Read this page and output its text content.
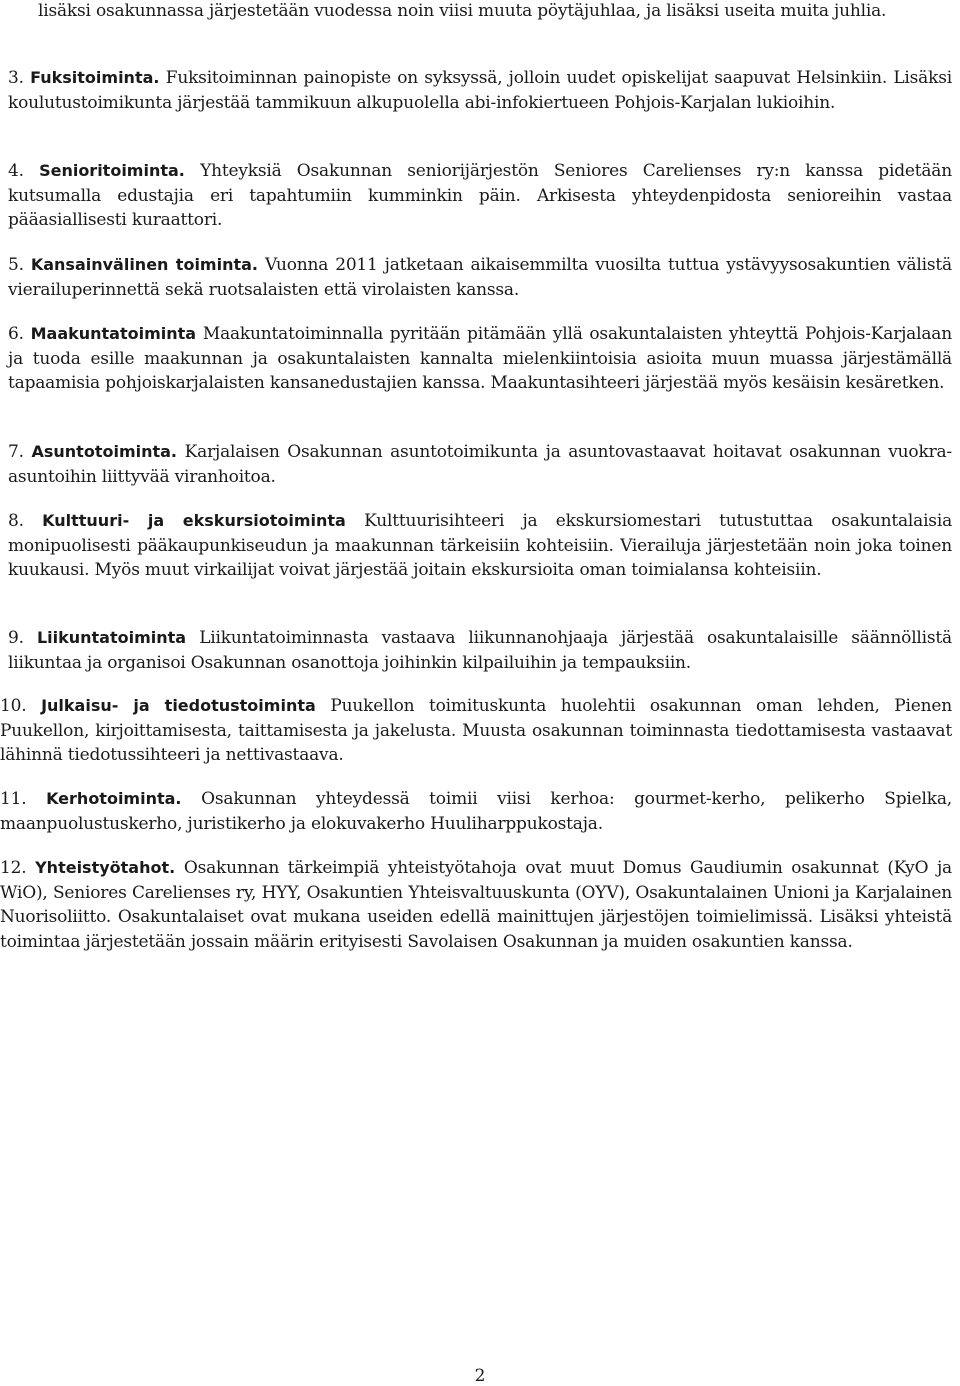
lisäksi osakunnassa järjestetään vuodessa noin viisi muuta pöytäjuhlaa, ja lisäksi useita muita juhlia.

3. Fuksitoiminta. Fuksitoiminnan painopiste on syksyssä, jolloin uudet opiskelijat saapuvat Helsinkiin. Lisäksi koulutustoimikunta järjestää tammikuun alkupuolella abi-infokiertueen Pohjois-Karjalan lukioihin.

4. Senioritoiminta. Yhteyksiä Osakunnan seniorijärjestön Seniores Carelienses ry:n kanssa pidetään kutsumalla edustajia eri tapahtumiin kumminkin päin. Arkisesta yhteydenpidosta senioreihin vastaa pääasiallisesti kuraattori.

5. Kansainvälinen toiminta. Vuonna 2011 jatketaan aikaisemmilta vuosilta tuttua ystävyysosakuntien välistä vierailuperinnettä sekä ruotsalaisten että virolaisten kanssa.

6. Maakuntatoiminta Maakuntatoiminnalla pyritään pitämään yllä osakuntalaisten yhteyttä Pohjois-Karjalaan ja tuoda esille maakunnan ja osakuntalaisten kannalta mielenkiintoisia asioita muun muassa järjestämällä tapaamisia pohjoiskarjalaisten kansanedustajien kanssa. Maakuntasihteeri järjestää myös kesäisin kesäretken.

7. Asuntotoiminta. Karjalaisen Osakunnan asuntotoimikunta ja asuntovastaavat hoitavat osakunnan vuokra-asuntoihin liittyvää viranhoitoa.

8. Kulttuuri- ja ekskursiotoiminta Kulttuurisihteeri ja ekskursiomestari tutustuttaa osakuntalaisia monipuolisesti pääkaupunkiseudun ja maakunnan tärkeisiin kohteisiin. Vierailuja järjestetään noin joka toinen kuukausi. Myös muut virkailijat voivat järjestää joitain ekskursioita oman toimialansa kohteisiin.

9. Liikuntatoiminta Liikuntatoiminnasta vastaava liikunnanohjaaja järjestää osakuntalaisille säännöllistä liikuntaa ja organisoi Osakunnan osanottoja joihinkin kilpailuihin ja tempauksiin.

10. Julkaisu- ja tiedotustoiminta Puukellon toimituskunta huolehtii osakunnan oman lehden, Pienen Puukellon, kirjoittamisesta, taittamisesta ja jakelusta. Muusta osakunnan toiminnasta tiedottamisesta vastaavat lähinnä tiedotussihteeri ja nettivastaava.

11. Kerhotoiminta. Osakunnan yhteydessä toimii viisi kerhoa: gourmet-kerho, pelikerho Spielka, maanpuolustuskerho, juristikerho ja elokuvakerho Huuliharppukostaja.

12. Yhteistyötahot. Osakunnan tärkeimpiä yhteistyötahoja ovat muut Domus Gaudiumin osakunnat (KyO ja WiO), Seniores Carelienses ry, HYY, Osakuntien Yhteisvaltuuskunta (OYV), Osakuntalainen Unioni ja Karjalainen Nuorisoliitto. Osakuntalaiset ovat mukana useiden edellä mainittujen järjestöjen toimielimissä. Lisäksi yhteistä toimintaa järjestetään jossain määrin erityisesti Savolaisen Osakunnan ja muiden osakuntien kanssa.

2
